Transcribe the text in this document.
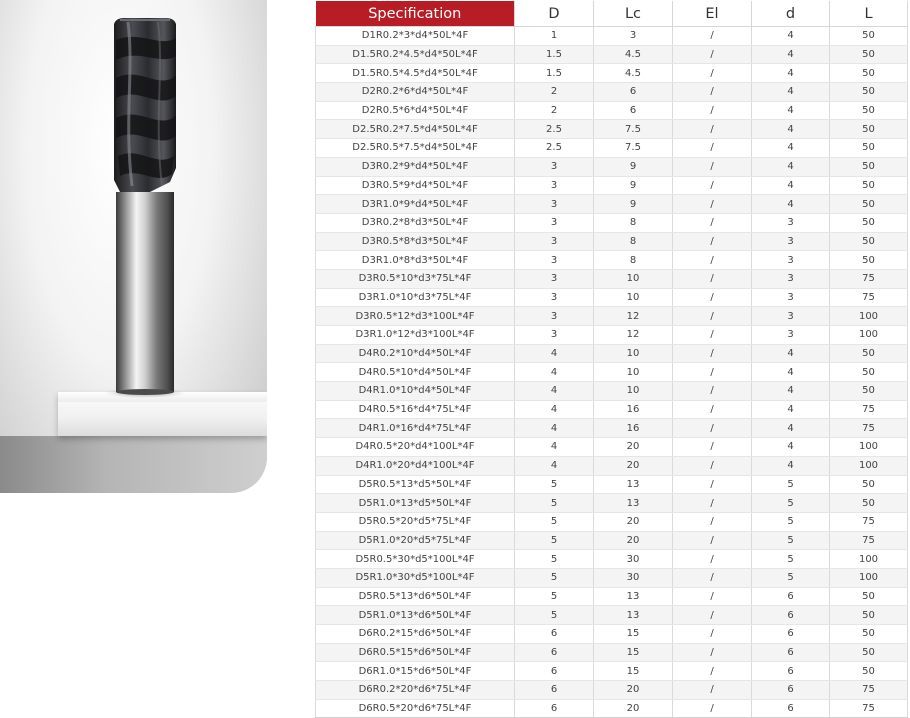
Specification	D	Lc	El	d	L
D1R0.2*3*d4*50L*4F	1	3	/	4	50
D1.5R0.2*4.5*d4*50L*4F	1.5	4.5	/	4	50
D1.5R0.5*4.5*d4*50L*4F	1.5	4.5	/	4	50
D2R0.2*6*d4*50L*4F	2	6	/	4	50
D2R0.5*6*d4*50L*4F	2	6	/	4	50
D2.5R0.2*7.5*d4*50L*4F	2.5	7.5	/	4	50
D2.5R0.5*7.5*d4*50L*4F	2.5	7.5	/	4	50
D3R0.2*9*d4*50L*4F	3	9	/	4	50
D3R0.5*9*d4*50L*4F	3	9	/	4	50
D3R1.0*9*d4*50L*4F	3	9	/	4	50
D3R0.2*8*d3*50L*4F	3	8	/	3	50
D3R0.5*8*d3*50L*4F	3	8	/	3	50
D3R1.0*8*d3*50L*4F	3	8	/	3	50
D3R0.5*10*d3*75L*4F	3	10	/	3	75
D3R1.0*10*d3*75L*4F	3	10	/	3	75
D3R0.5*12*d3*100L*4F	3	12	/	3	100
D3R1.0*12*d3*100L*4F	3	12	/	3	100
D4R0.2*10*d4*50L*4F	4	10	/	4	50
D4R0.5*10*d4*50L*4F	4	10	/	4	50
D4R1.0*10*d4*50L*4F	4	10	/	4	50
D4R0.5*16*d4*75L*4F	4	16	/	4	75
D4R1.0*16*d4*75L*4F	4	16	/	4	75
D4R0.5*20*d4*100L*4F	4	20	/	4	100
D4R1.0*20*d4*100L*4F	4	20	/	4	100
D5R0.5*13*d5*50L*4F	5	13	/	5	50
D5R1.0*13*d5*50L*4F	5	13	/	5	50
D5R0.5*20*d5*75L*4F	5	20	/	5	75
D5R1.0*20*d5*75L*4F	5	20	/	5	75
D5R0.5*30*d5*100L*4F	5	30	/	5	100
D5R1.0*30*d5*100L*4F	5	30	/	5	100
D5R0.5*13*d6*50L*4F	5	13	/	6	50
D5R1.0*13*d6*50L*4F	5	13	/	6	50
D6R0.2*15*d6*50L*4F	6	15	/	6	50
D6R0.5*15*d6*50L*4F	6	15	/	6	50
D6R1.0*15*d6*50L*4F	6	15	/	6	50
D6R0.2*20*d6*75L*4F	6	20	/	6	75
D6R0.5*20*d6*75L*4F	6	20	/	6	75
